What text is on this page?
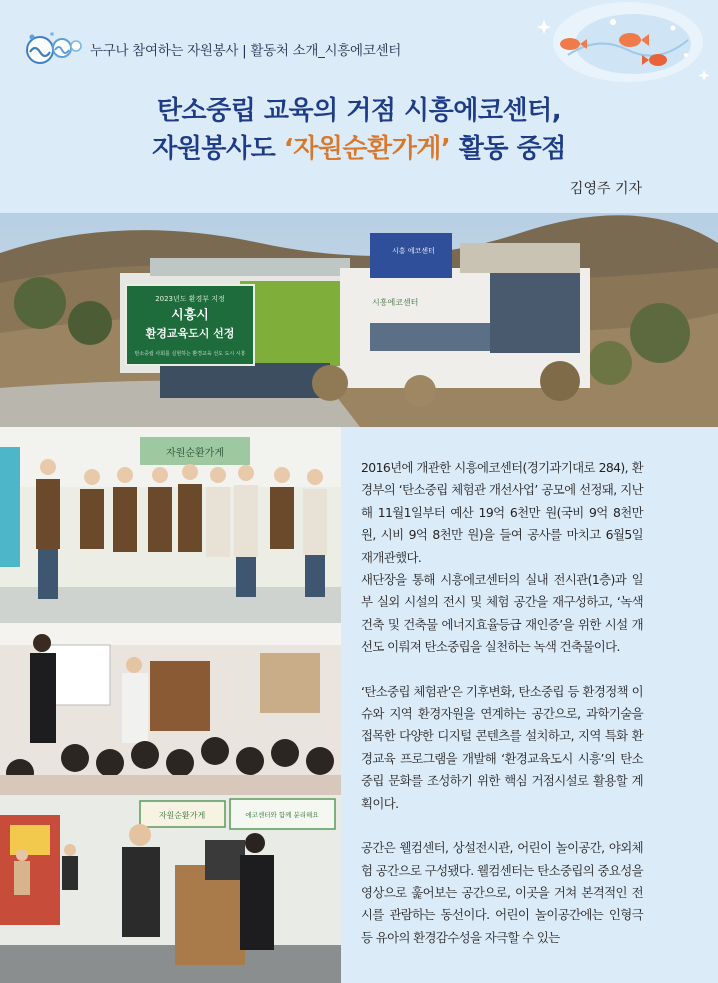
누구나 참여하는 자원봉사 | 활동처 소개_시흥에코센터
탄소중립 교육의 거점 시흥에코센터,
자원봉사도 ‘자원순환가게’ 활동 중점
김영주 기자
2023년도 환경부 지정
시흥시
환경교육도시 선정
탄소중립 사회를 실현하는 환경교육 선도 도시 시흥
시흥 에코센터
시흥에코센터
자원순환가게
자원순환가게	에코센터와 함께 분리해요

2016년에 개관한 시흥에코센터(경기과기대로 284), 환경부의 ‘탄소중립 체험관 개선사업’ 공모에 선정돼, 지난해 11월1일부터 예산 19억 6천만 원(국비 9억 8천만 원, 시비 9억 8천만 원)을 들여 공사를 마치고 6월5일 재개관했다.

새단장을 통해 시흥에코센터의 실내 전시관(1층)과 일부 실외 시설의 전시 및 체험 공간을 재구성하고, ‘녹색건축 및 건축물 에너지효율등급 재인증’을 위한 시설 개선도 이뤄져 탄소중립을 실천하는 녹색 건축물이다.

‘탄소중립 체험관’은 기후변화, 탄소중립 등 환경정책 이슈와 지역 환경자원을 연계하는 공간으로, 과학기술을 접목한 다양한 디지털 콘텐츠를 설치하고, 지역 특화 환경교육 프로그램을 개발해 ‘환경교육도시 시흥’의 탄소중립 문화를 조성하기 위한 핵심 거점시설로 활용할 계획이다.

공간은 웰컴센터, 상설전시관, 어린이 놀이공간, 야외체험 공간으로 구성됐다. 웰컴센터는 탄소중립의 중요성을 영상으로 훑어보는 공간으로, 이곳을 거쳐 본격적인 전시를 관람하는 동선이다. 어린이 놀이공간에는 인형극 등 유아의 환경감수성을 자극할 수 있는
